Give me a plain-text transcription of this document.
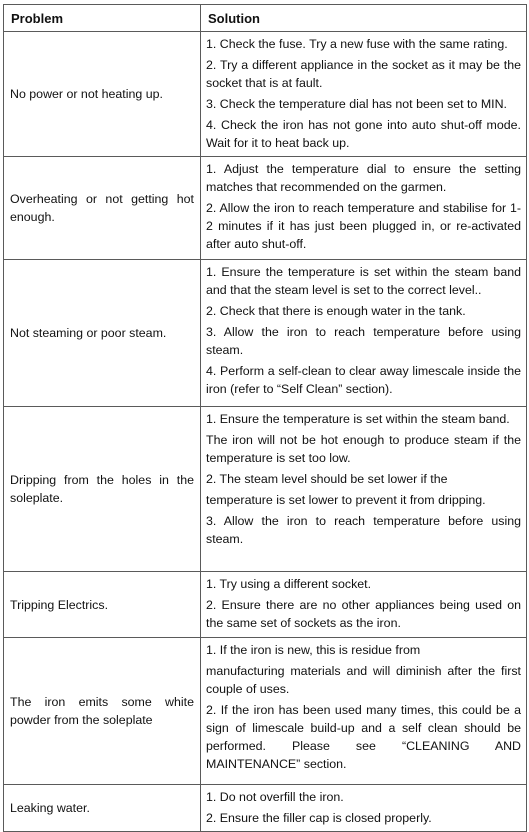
Problem	Solution
No power or not heating up.	1. Check the fuse. Try a new fuse with the same rating.

2. Try a different appliance in the socket as it may be the socket that is at fault.

3. Check the temperature dial has not been set to MIN.

4. Check the iron has not gone into auto shut-off mode. Wait for it to heat back up.

Overheating or not getting hot enough.	1. Adjust the temperature dial to ensure the setting matches that recommended on the garmen.

2. Allow the iron to reach temperature and stabilise for 1-2 minutes if it has just been plugged in, or re-activated after auto shut-off.

Not steaming or poor steam.	1. Ensure the temperature is set within the steam band and that the steam level is set to the correct level..

2. Check that there is enough water in the tank.

3. Allow the iron to reach temperature before using steam.

4. Perform a self-clean to clear away limescale inside the iron (refer to “Self Clean” section).

Dripping from the holes in the soleplate.	1. Ensure the temperature is set within the steam band.

The iron will not be hot enough to produce steam if the temperature is set too low.

2. The steam level should be set lower if the

temperature is set lower to prevent it from dripping.

3. Allow the iron to reach temperature before using steam.

Tripping Electrics.	1. Try using a different socket.

2. Ensure there are no other appliances being used on the same set of sockets as the iron.

The iron emits some white powder from the soleplate	1. If the iron is new, this is residue from

manufacturing materials and will diminish after the first couple of uses.

2. If the iron has been used many times, this could be a sign of limescale build-up and a self clean should be performed. Please see “CLEANING AND MAINTENANCE” section.

Leaking water.	1. Do not overfill the iron.

2. Ensure the filler cap is closed properly.
